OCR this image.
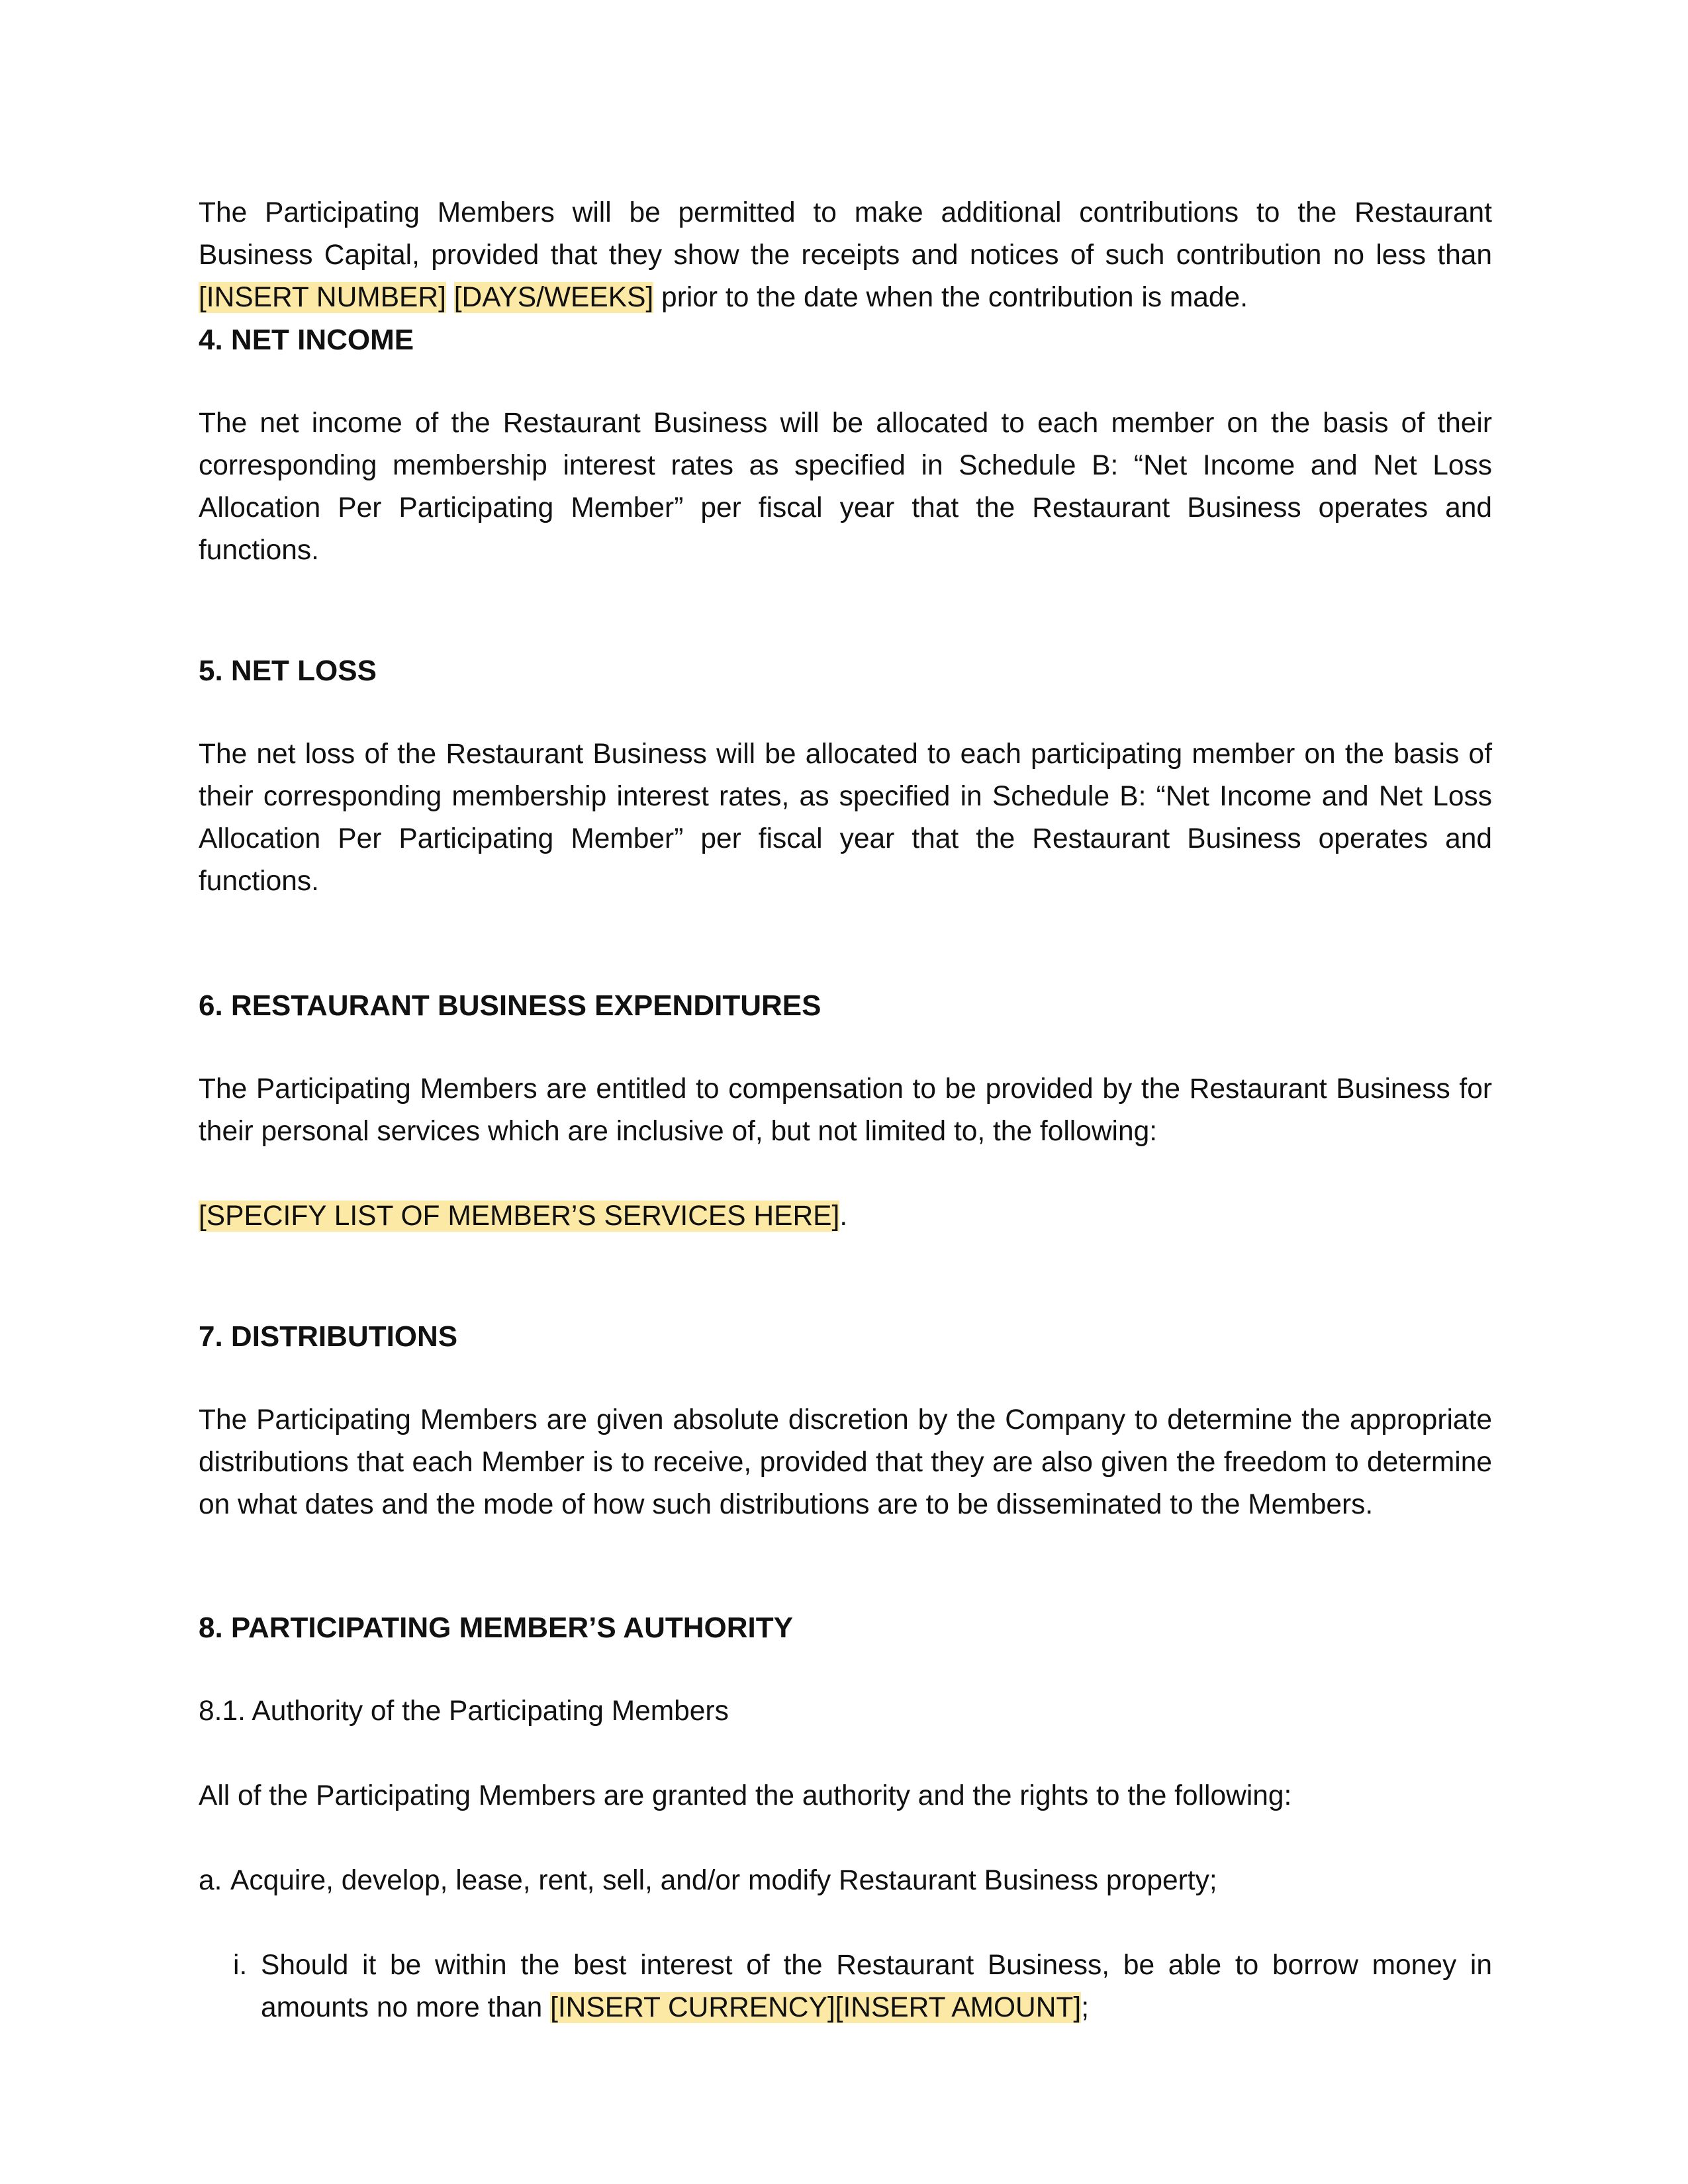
The Participating Members will be permitted to make additional contributions to the Restaurant Business Capital, provided that they show the receipts and notices of such contribution no less than [INSERT NUMBER] [DAYS/WEEKS] prior to the date when the contribution is made.

4. NET INCOME

The net income of the Restaurant Business will be allocated to each member on the basis of their corresponding membership interest rates as specified in Schedule B: “Net Income and Net Loss Allocation Per Participating Member” per fiscal year that the Restaurant Business operates and functions.

5. NET LOSS

The net loss of the Restaurant Business will be allocated to each participating member on the basis of their corresponding membership interest rates, as specified in Schedule B: “Net Income and Net Loss Allocation Per Participating Member” per fiscal year that the Restaurant Business operates and functions.

6. RESTAURANT BUSINESS EXPENDITURES

The Participating Members are entitled to compensation to be provided by the Restaurant Business for their personal services which are inclusive of, but not limited to, the following:

[SPECIFY LIST OF MEMBER’S SERVICES HERE].

7. DISTRIBUTIONS

The Participating Members are given absolute discretion by the Company to determine the appropriate distributions that each Member is to receive, provided that they are also given the freedom to determine on what dates and the mode of how such distributions are to be disseminated to the Members.

8. PARTICIPATING MEMBER’S AUTHORITY

8.1. Authority of the Participating Members

All of the Participating Members are granted the authority and the rights to the following:

a. Acquire, develop, lease, rent, sell, and/or modify Restaurant Business property;

i. Should it be within the best interest of the Restaurant Business, be able to borrow money in amounts no more than [INSERT CURRENCY][INSERT AMOUNT];
